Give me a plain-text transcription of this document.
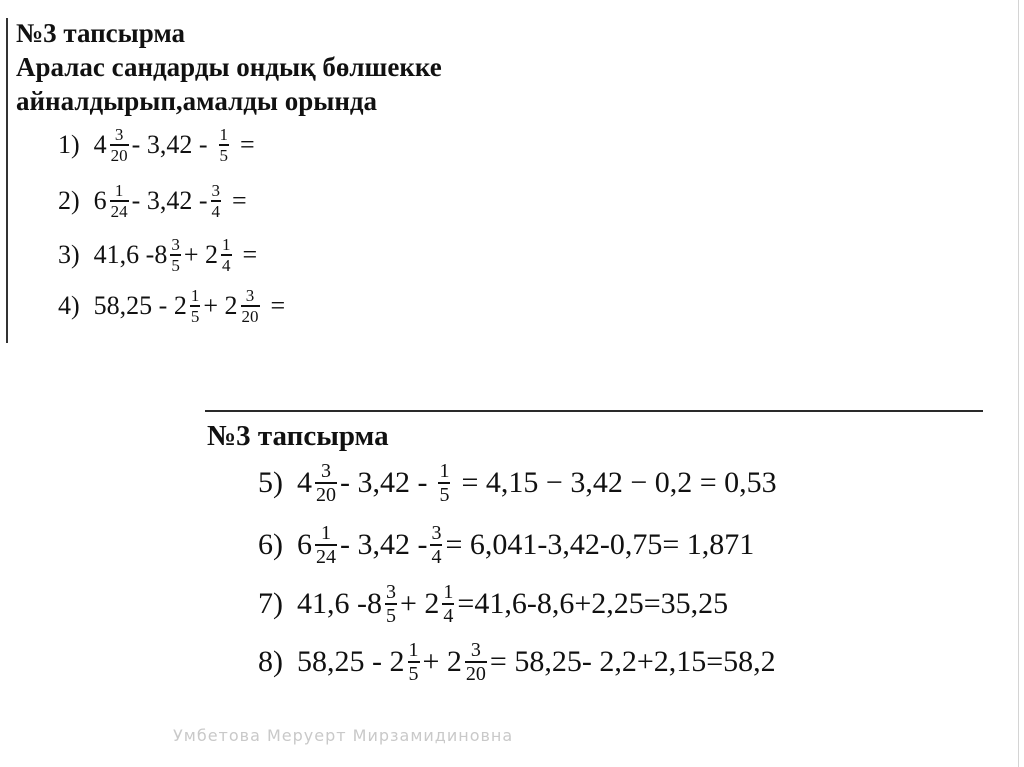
№3 тапсырма
Аралас сандарды ондық бөлшекке
айналдырып,амалды орында
1) $4 \frac{3}{20} - 3,42 - \frac{1}{5}$ =
2) $6 \frac{1}{24} - 3,42 - \frac{3}{4}$ =
3) 41,6 $-8 \frac{3}{5} + 2 \frac{1}{4}$ =
4) $58,25 - 2 \frac{1}{5} + 2 \frac{3}{20}$ =
№3 тапсырма
5) $4 \frac{3}{20} - 3,42 - \frac{1}{5} = 4,15 - 3,42 - 0,2 = 0,53$
6) $6 \frac{1}{24} - 3,42 - \frac{3}{4} = 6,041-3,42-0,75= 1,871$
7) 41,6 $-8 \frac{3}{5} + 2 \frac{1}{4} =41,6-8,6+2,25=35,25$
8) $58,25 - 2 \frac{1}{5} + 2 \frac{3}{20} = 58,25-$ 2,2+2,15=58,2
Умбетова Меруерт Мирзамидиновна
